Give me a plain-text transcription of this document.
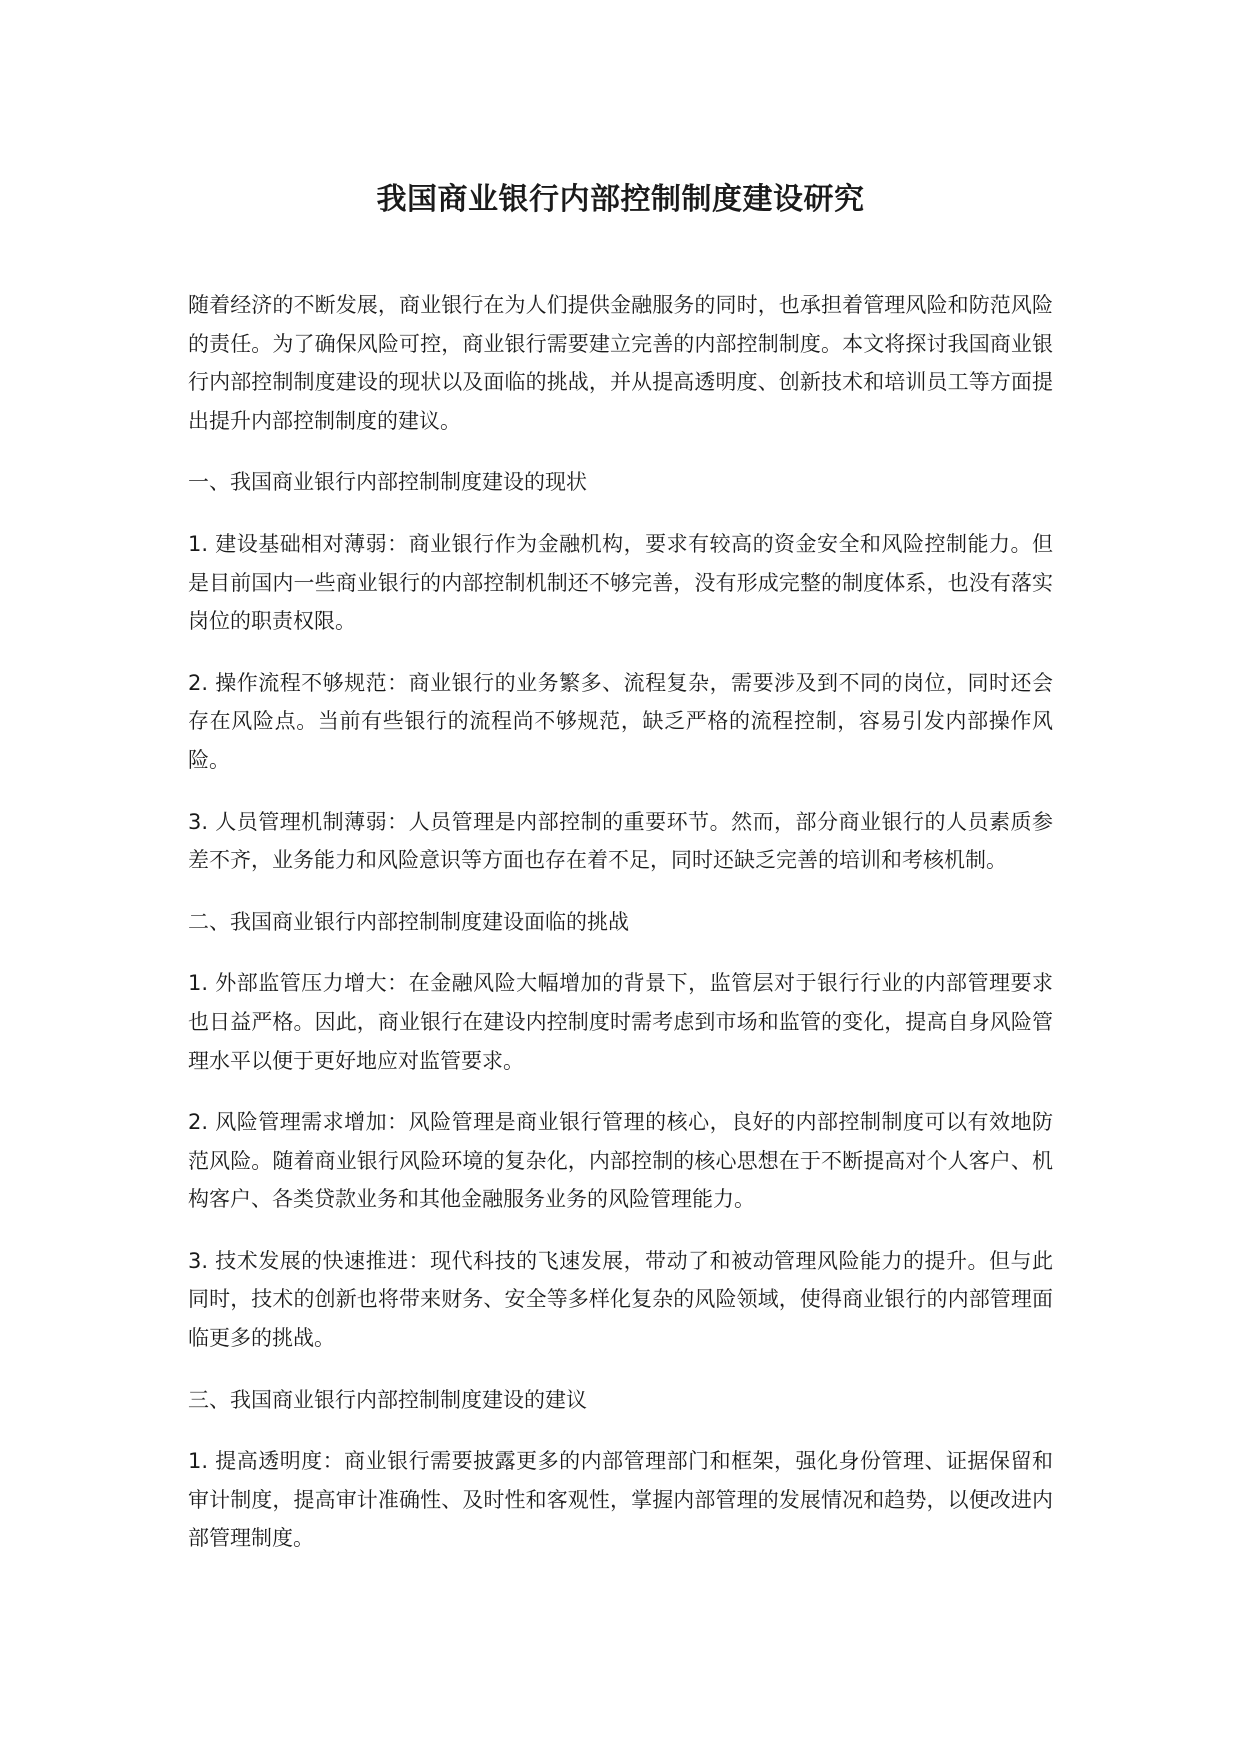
我国商业银行内部控制制度建设研究

随着经济的不断发展，商业银行在为人们提供金融服务的同时，也承担着管理风险和防范风险的责任。为了确保风险可控，商业银行需要建立完善的内部控制制度。本文将探讨我国商业银行内部控制制度建设的现状以及面临的挑战，并从提高透明度、创新技术和培训员工等方面提出提升内部控制制度的建议。

一、我国商业银行内部控制制度建设的现状

1. 建设基础相对薄弱：商业银行作为金融机构，要求有较高的资金安全和风险控制能力。但是目前国内一些商业银行的内部控制机制还不够完善，没有形成完整的制度体系，也没有落实岗位的职责权限。

2. 操作流程不够规范：商业银行的业务繁多、流程复杂，需要涉及到不同的岗位，同时还会存在风险点。当前有些银行的流程尚不够规范，缺乏严格的流程控制，容易引发内部操作风险。

3. 人员管理机制薄弱：人员管理是内部控制的重要环节。然而，部分商业银行的人员素质参差不齐，业务能力和风险意识等方面也存在着不足，同时还缺乏完善的培训和考核机制。

二、我国商业银行内部控制制度建设面临的挑战

1. 外部监管压力增大：在金融风险大幅增加的背景下，监管层对于银行行业的内部管理要求也日益严格。因此，商业银行在建设内控制度时需考虑到市场和监管的变化，提高自身风险管理水平以便于更好地应对监管要求。

2. 风险管理需求增加：风险管理是商业银行管理的核心，良好的内部控制制度可以有效地防范风险。随着商业银行风险环境的复杂化，内部控制的核心思想在于不断提高对个人客户、机构客户、各类贷款业务和其他金融服务业务的风险管理能力。

3. 技术发展的快速推进：现代科技的飞速发展，带动了和被动管理风险能力的提升。但与此同时，技术的创新也将带来财务、安全等多样化复杂的风险领域，使得商业银行的内部管理面临更多的挑战。

三、我国商业银行内部控制制度建设的建议

1. 提高透明度：商业银行需要披露更多的内部管理部门和框架，强化身份管理、证据保留和审计制度，提高审计准确性、及时性和客观性，掌握内部管理的发展情况和趋势，以便改进内部管理制度。
